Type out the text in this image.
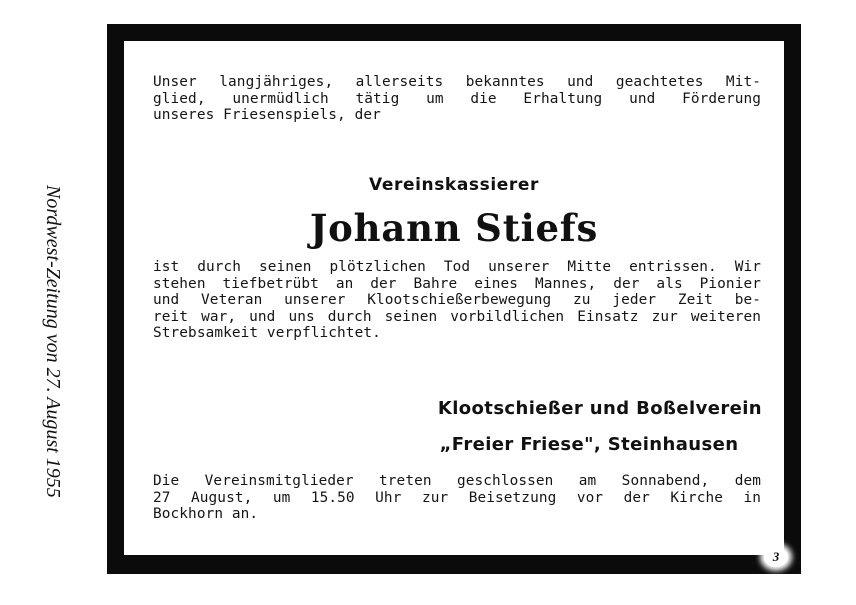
Nordwest-Zeitung von 27. August 1955

Unser langjähriges, allerseits bekanntes und geachtetes Mit-
glied, unermüdlich tätig um die Erhaltung und Förderung
unseres Friesenspiels, der

Vereinskassierer
Johann Stiefs

ist durch seinen plötzlichen Tod unserer Mitte entrissen. Wir
stehen tiefbetrübt an der Bahre eines Mannes, der als Pionier
und Veteran unserer Klootschießerbewegung zu jeder Zeit be-
reit war, und uns durch seinen vorbildlichen Einsatz zur weiteren
Strebsamkeit verpflichtet.

Klootschießer und Boßelverein
„Freier Friese", Steinhausen

Die Vereinsmitglieder treten geschlossen am Sonnabend, dem
27 August, um 15.50 Uhr zur Beisetzung vor der Kirche in
Bockhorn an.

3
